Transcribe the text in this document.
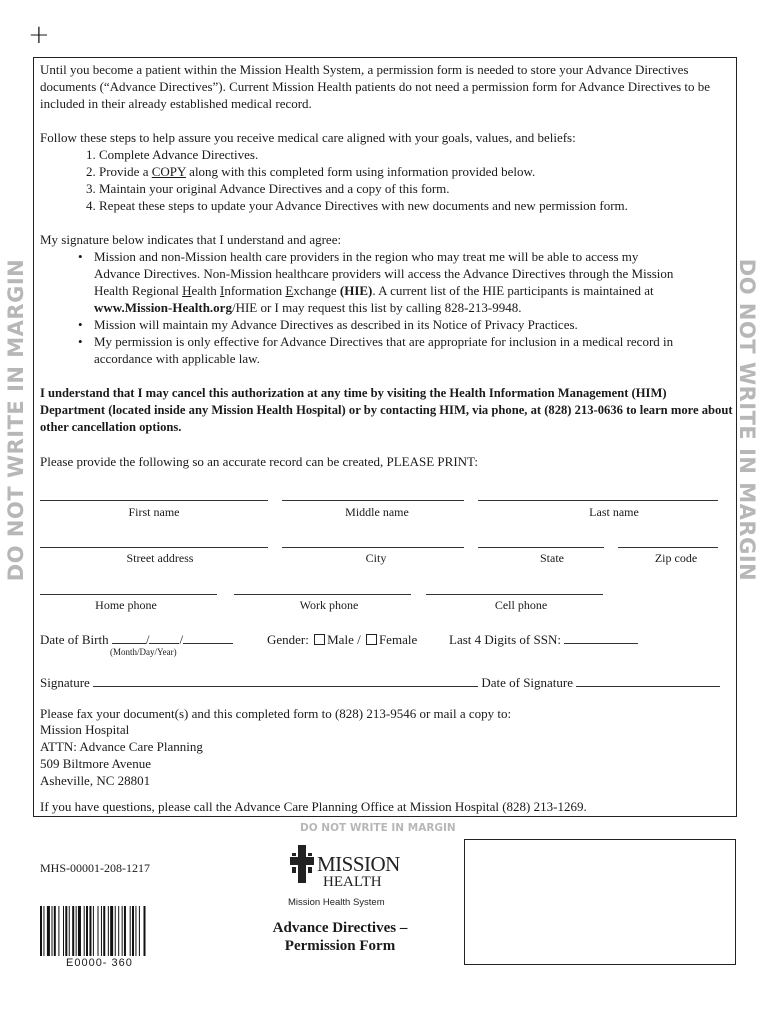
+
DO NOT WRITE IN MARGIN	DO NOT WRITE IN MARGIN
Until you become a patient within the Mission Health System, a permission form is needed to store your Advance Directives documents (“Advance Directives”). Current Mission Health patients do not need a permission form for Advance Directives to be included in their already established medical record.
Follow these steps to help assure you receive medical care aligned with your goals, values, and beliefs:
1. Complete Advance Directives.
2. Provide a COPY along with this completed form using information provided below.
3. Maintain your original Advance Directives and a copy of this form.
4. Repeat these steps to update your Advance Directives with new documents and new permission form.
My signature below indicates that I understand and agree:
• Mission and non-Mission health care providers in the region who may treat me will be able to access my
Advance Directives. Non-Mission healthcare providers will access the Advance Directives through the Mission
Health Regional Health Information Exchange (HIE). A current list of the HIE participants is maintained at
www.Mission-Health.org/HIE or I may request this list by calling 828-213-9948.
• Mission will maintain my Advance Directives as described in its Notice of Privacy Practices.
• My permission is only effective for Advance Directives that are appropriate for inclusion in a medical record in
accordance with applicable law.
I understand that I may cancel this authorization at any time by visiting the Health Information Management (HIM) Department (located inside any Mission Health Hospital) or by contacting HIM, via phone, at (828) 213-0636 to learn more about other cancellation options.
Please provide the following so an accurate record can be created, PLEASE PRINT:
First name	Middle name	Last name
Street address	City	State	Zip code
Home phone	Work phone	Cell phone
Date of Birth	/ /
(Month/Day/Year)
Gender: Male / Female Last 4 Digits of SSN:
Signature	Date of Signature
Please fax your document(s) and this completed form to (828) 213-9546 or mail a copy to:
Mission Hospital
ATTN: Advance Care Planning
509 Biltmore Avenue
Asheville, NC 28801
If you have questions, please call the Advance Care Planning Office at Mission Hospital (828) 213-1269.
DO NOT WRITE IN MARGIN
MHS-00001-208-1217	MISSION
HEALTH
Mission Health System
Advance Directives –
Permission Form
E0000- 360
